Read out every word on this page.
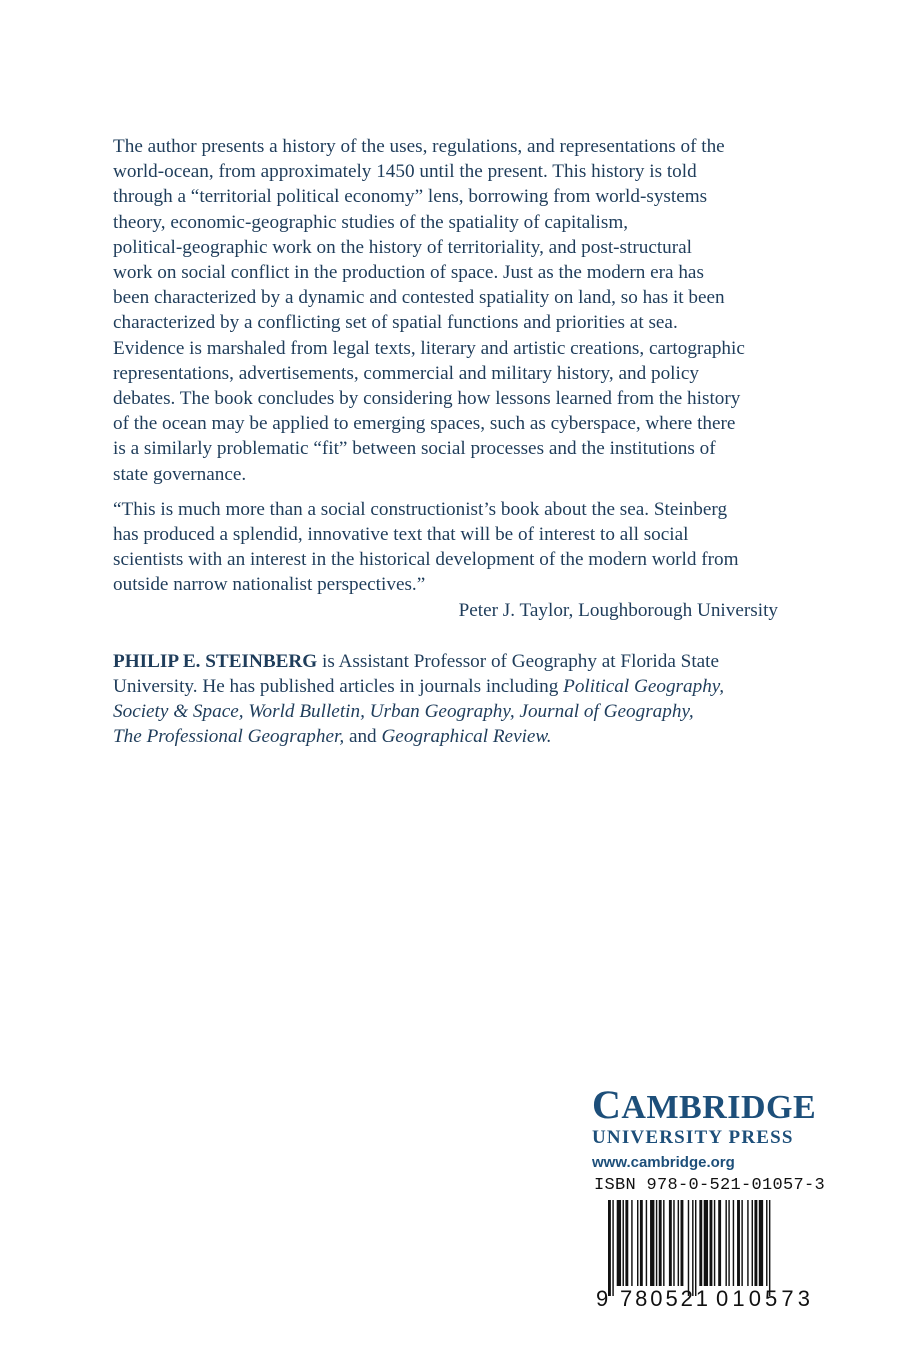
The author presents a history of the uses, regulations, and representations of the
world-ocean, from approximately 1450 until the present. This history is told
through a “territorial political economy” lens, borrowing from world-systems
theory, economic-geographic studies of the spatiality of capitalism,
political-geographic work on the history of territoriality, and post-structural
work on social conflict in the production of space. Just as the modern era has
been characterized by a dynamic and contested spatiality on land, so has it been
characterized by a conflicting set of spatial functions and priorities at sea.
Evidence is marshaled from legal texts, literary and artistic creations, cartographic
representations, advertisements, commercial and military history, and policy
debates. The book concludes by considering how lessons learned from the history
of the ocean may be applied to emerging spaces, such as cyberspace, where there
is a similarly problematic “fit” between social processes and the institutions of
state governance.

“This is much more than a social constructionist’s book about the sea. Steinberg
has produced a splendid, innovative text that will be of interest to all social
scientists with an interest in the historical development of the modern world from
outside narrow nationalist perspectives.”
Peter J. Taylor, Loughborough University

PHILIP E. STEINBERG is Assistant Professor of Geography at Florida State
University. He has published articles in journals including Political Geography,
Society & Space, World Bulletin, Urban Geography, Journal of Geography,
The Professional Geographer, and Geographical Review.

CAMBRIDGE
UNIVERSITY PRESS
www.cambridge.org
ISBN 978-0-521-01057-3
9 780521 010573
